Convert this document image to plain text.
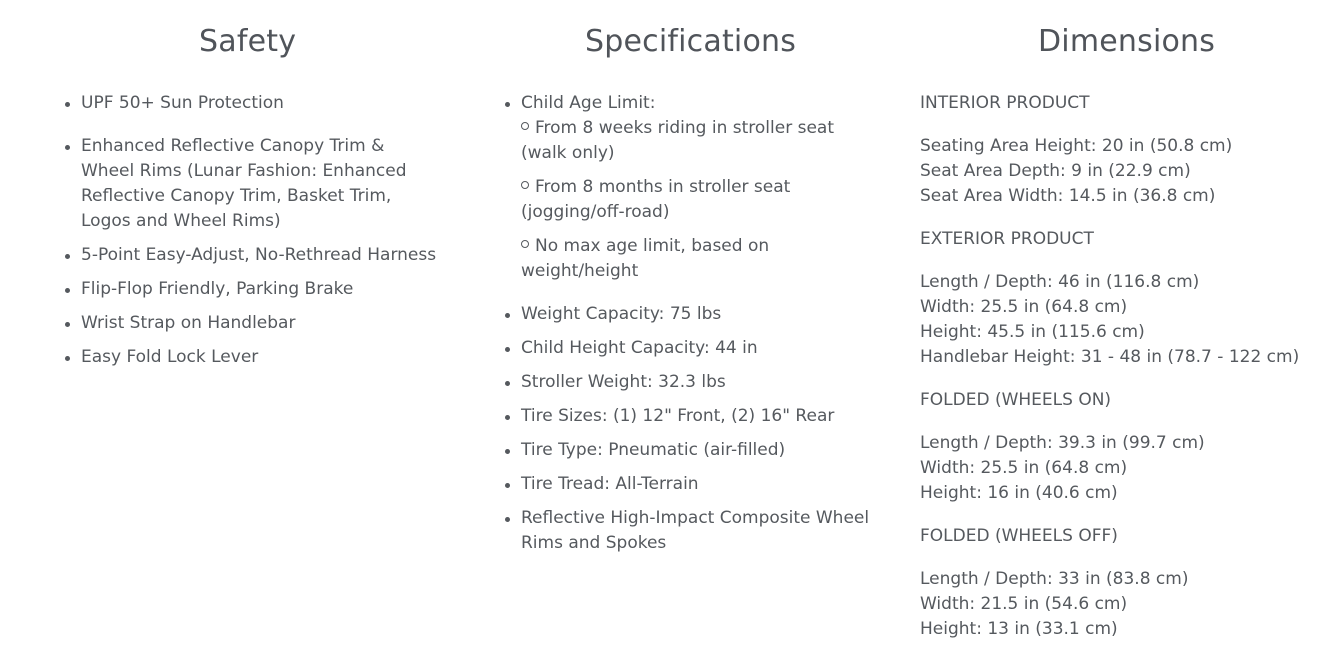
Safety
UPF 50+ Sun Protection
Enhanced Reflective Canopy Trim & Wheel Rims (Lunar Fashion: Enhanced Reflective Canopy Trim, Basket Trim, Logos and Wheel Rims)
5-Point Easy-Adjust, No-Rethread Harness
Flip-Flop Friendly, Parking Brake
Wrist Strap on Handlebar
Easy Fold Lock Lever
Specifications
Child Age Limit:
From 8 weeks riding in stroller seat (walk only)
From 8 months in stroller seat (jogging/off-road)
No max age limit, based on weight/height
Weight Capacity: 75 lbs
Child Height Capacity: 44 in
Stroller Weight: 32.3 lbs
Tire Sizes: (1) 12" Front, (2) 16" Rear
Tire Type: Pneumatic (air-filled)
Tire Tread: All-Terrain
Reflective High-Impact Composite Wheel Rims and Spokes
Dimensions
INTERIOR PRODUCT
Seating Area Height: 20 in (50.8 cm)
Seat Area Depth: 9 in (22.9 cm)
Seat Area Width: 14.5 in (36.8 cm)
EXTERIOR PRODUCT
Length / Depth: 46 in (116.8 cm)
Width: 25.5 in (64.8 cm)
Height: 45.5 in (115.6 cm)
Handlebar Height: 31 - 48 in (78.7 - 122 cm)
FOLDED (WHEELS ON)
Length / Depth: 39.3 in (99.7 cm)
Width: 25.5 in (64.8 cm)
Height: 16 in (40.6 cm)
FOLDED (WHEELS OFF)
Length / Depth: 33 in (83.8 cm)
Width: 21.5 in (54.6 cm)
Height: 13 in (33.1 cm)
